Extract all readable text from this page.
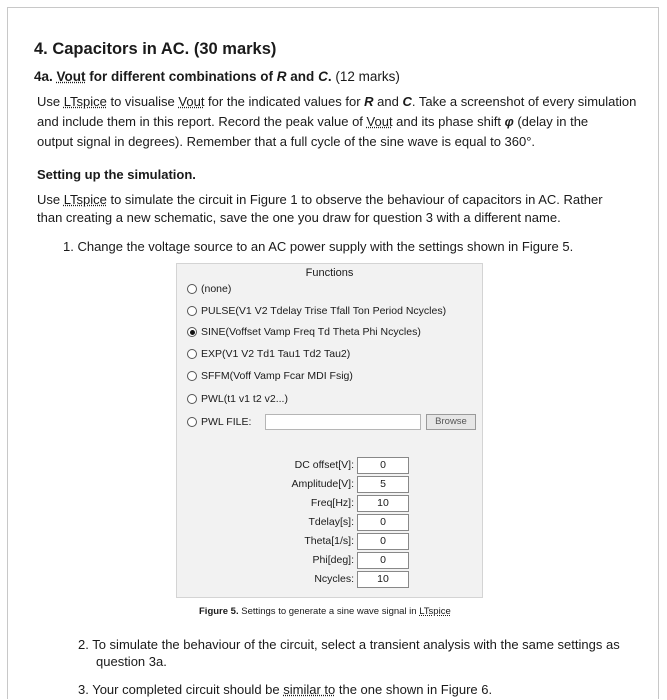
4. Capacitors in AC. (30 marks)
4a. Vout for different combinations of R and C. (12 marks)
Use LTspice to visualise Vout for the indicated values for R and C. Take a screenshot of every simulation
and include them in this report. Record the peak value of Vout and its phase shift φ (delay in the
output signal in degrees). Remember that a full cycle of the sine wave is equal to 360°.
Setting up the simulation.
Use LTspice to simulate the circuit in Figure 1 to observe the behaviour of capacitors in AC. Rather
than creating a new schematic, save the one you draw for question 3 with a different name.
1. Change the voltage source to an AC power supply with the settings shown in Figure 5.
Functions
(none)
PULSE(V1 V2 Tdelay Trise Tfall Ton Period Ncycles)
SINE(Voffset Vamp Freq Td Theta Phi Ncycles)
EXP(V1 V2 Td1 Tau1 Td2 Tau2)
SFFM(Voff Vamp Fcar MDI Fsig)
PWL(t1 v1 t2 v2...)
PWL FILE:	Browse
DC offset[V]:	0
Amplitude[V]:	5
Freq[Hz]:	10
Tdelay[s]:	0
Theta[1/s]:	0
Phi[deg]:	0
Ncycles:	10
Figure 5. Settings to generate a sine wave signal in LTspice
2. To simulate the behaviour of the circuit, select a transient analysis with the same settings as
question 3a.
3. Your completed circuit should be similar to the one shown in Figure 6.
